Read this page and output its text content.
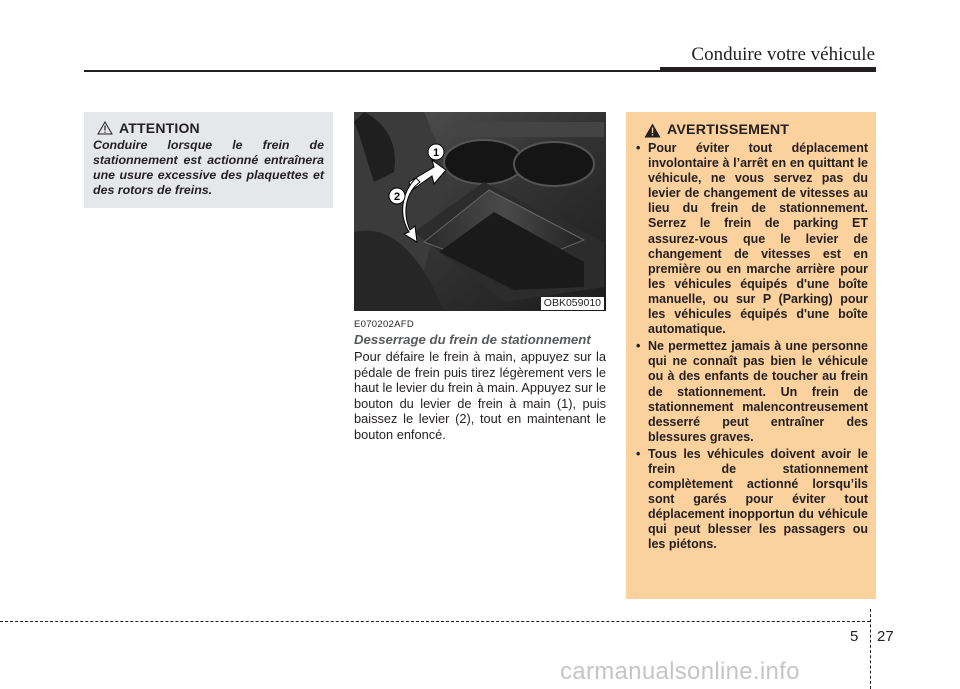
Conduire votre véhicule
ATTENTION
Conduire lorsque le frein de stationnement est actionné entraînera une usure excessive des plaquettes et des rotors de freins.
1
2
OBK059010
E070202AFD
Desserrage du frein de stationnement
Pour défaire le frein à main, appuyez sur la pédale de frein puis tirez légèrement vers le haut le levier du frein à main. Appuyez sur le bouton du levier de frein à main (1), puis baissez le levier (2), tout en maintenant le bouton enfoncé.
AVERTISSEMENT
• Pour éviter tout déplacement involontaire à l’arrêt en en quittant le véhicule, ne vous servez pas du levier de changement de vitesses au lieu du frein de stationnement. Serrez le frein de parking ET assurez-vous que le levier de changement de vitesses est en première ou en marche arrière pour les véhicules équipés d'une boîte manuelle, ou sur P (Parking) pour les véhicules équipés d'une boîte automatique.
• Ne permettez jamais à une personne qui ne connaît pas bien le véhicule ou à des enfants de toucher au frein de stationnement. Un frein de stationnement malencontreusement desserré peut entraîner des blessures graves.
• Tous les véhicules doivent avoir le frein de stationnement complètement actionné lorsqu’ils sont garés pour éviter tout déplacement inopportun du véhicule qui peut blesser les passagers ou les piétons.
5 27
carmanualsonline.info
